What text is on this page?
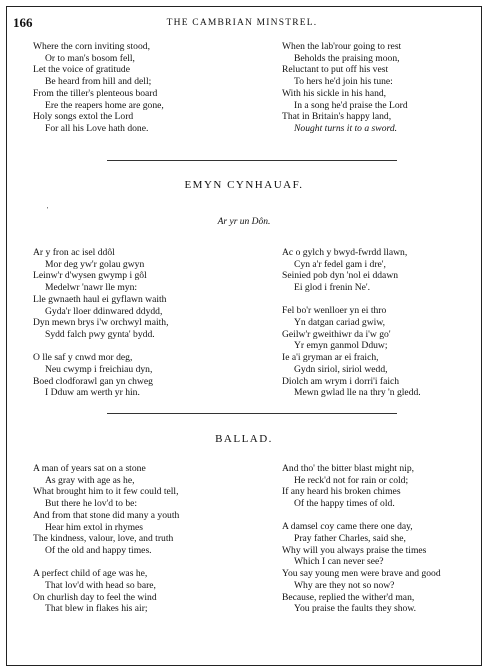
166	THE CAMBRIAN MINSTREL.
Where the corn inviting stood,
Or to man's bosom fell,
Let the voice of gratitude
Be heard from hill and dell;
From the tiller's plenteous board
Ere the reapers home are gone,
Holy songs extol the Lord
For all his Love hath done.
When the lab'rour going to rest
Beholds the praising moon,
Reluctant to put off his vest
To hers he'd join his tune:
With his sickle in his hand,
In a song he'd praise the Lord
That in Britain's happy land,
Nought turns it to a sword.
EMYN CYNHAUAF.
'
Ar yr un Dôn.
Ar y fron ac isel ddôl
Mor deg yw'r golau gwyn
Leinw'r d'wysen gwymp i gôl
Medelwr 'nawr lle myn:
Lle gwnaeth haul ei gyflawn waith
Gyda'r lloer ddinwared ddydd,
Dyn mewn brys i'w orchwyl maith,
Sydd falch pwy gynta' bydd.
O lle saf y cnwd mor deg,
Neu cwymp i freichiau dyn,
Boed clodforawl gan yn chweg
I Dduw am werth yr hin.
Ac o gylch y bwyd-fwrdd llawn,
Cyn a'r fedel gam i dre',
Seinied pob dyn 'nol ei ddawn
Ei glod i frenin Ne'.
Fel bo'r wenlloer yn ei thro
Yn datgan cariad gwiw,
Geilw'r gweithiwr da i'w go'
Yr emyn ganmol Dduw;
Ie a'i gryman ar ei fraich,
Gydn siriol, siriol wedd,
Diolch am wrym i dorri'i faich
Mewn gwlad lle na thry 'n gledd.
BALLAD.
A man of years sat on a stone
As gray with age as he,
What brought him to it few could tell,
But there he lov'd to be:
And from that stone did many a youth
Hear him extol in rhymes
The kindness, valour, love, and truth
Of the old and happy times.
A perfect child of age was he,
That lov'd with head so bare,
On churlish day to feel the wind
That blew in flakes his air;
And tho' the bitter blast might nip,
He reck'd not for rain or cold;
If any heard his broken chimes
Of the happy times of old.
A damsel coy came there one day,
Pray father Charles, said she,
Why will you always praise the times
Which I can never see?
You say young men were brave and good
Why are they not so now?
Because, replied the wither'd man,
You praise the faults they show.
